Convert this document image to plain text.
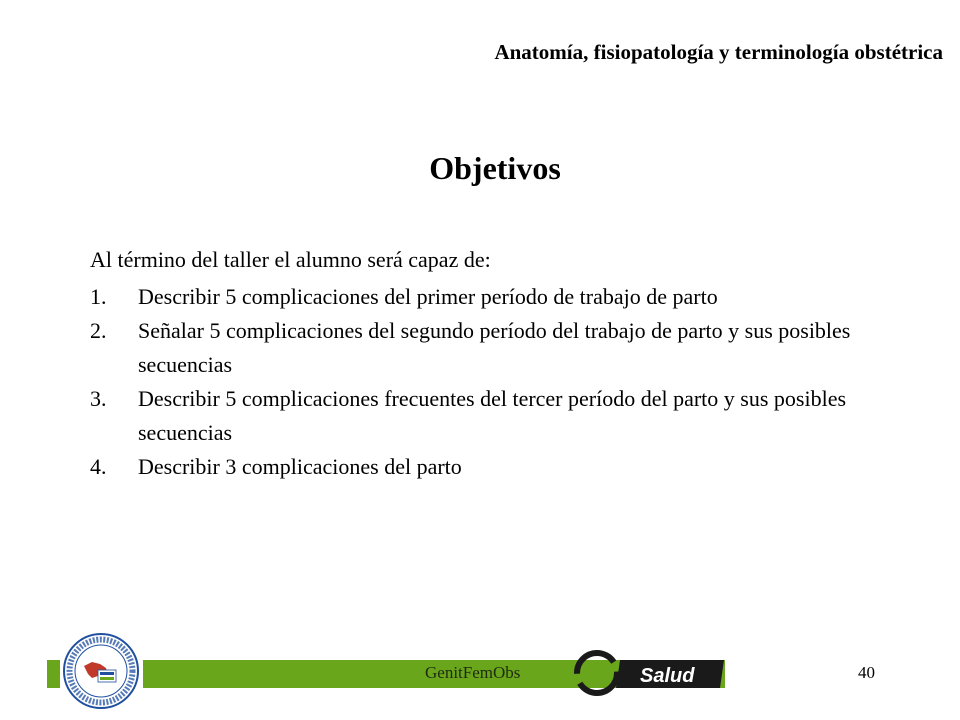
Anatomía, fisiopatología y terminología obstétrica
Objetivos
Al término del taller el alumno será capaz de:
1.	Describir 5 complicaciones del primer período de trabajo de parto
2.	Señalar 5 complicaciones del segundo período del trabajo de parto y sus posibles secuencias
3.	Describir 5 complicaciones frecuentes del tercer período del parto y sus posibles secuencias
4.	Describir 3 complicaciones del parto
GenitFemObs	40
Salud
